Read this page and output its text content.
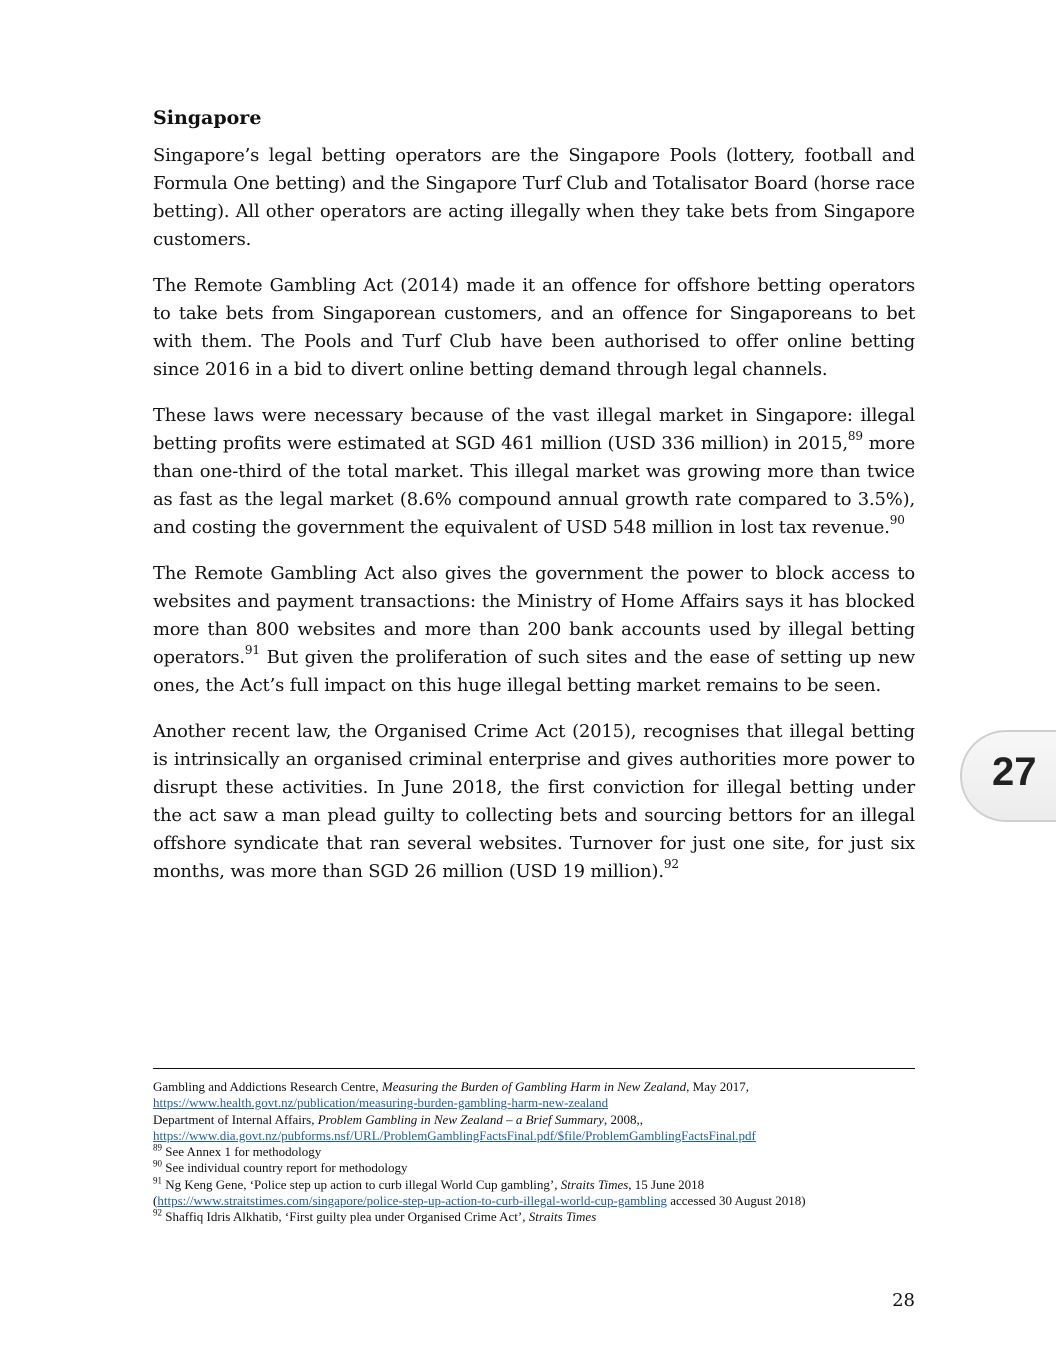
Singapore

Singapore’s legal betting operators are the Singapore Pools (lottery, football and Formula One betting) and the Singapore Turf Club and Totalisator Board (horse race betting). All other operators are acting illegally when they take bets from Singapore customers.

The Remote Gambling Act (2014) made it an offence for offshore betting operators to take bets from Singaporean customers, and an offence for Singaporeans to bet with them. The Pools and Turf Club have been authorised to offer online betting since 2016 in a bid to divert online betting demand through legal channels.

These laws were necessary because of the vast illegal market in Singapore: illegal betting profits were estimated at SGD 461 million (USD 336 million) in 2015,89 more than one-third of the total market. This illegal market was growing more than twice as fast as the legal market (8.6% compound annual growth rate compared to 3.5%), and costing the government the equivalent of USD 548 million in lost tax revenue.$^{90}$

The Remote Gambling Act also gives the government the power to block access to websites and payment transactions: the Ministry of Home Affairs says it has blocked more than 800 websites and more than 200 bank accounts used by illegal betting operators.$^{91}$ But given the proliferation of such sites and the ease of setting up new ones, the Act’s full impact on this huge illegal betting market remains to be seen.

Another recent law, the Organised Crime Act (2015), recognises that illegal betting is intrinsically an organised criminal enterprise and gives authorities more power to disrupt these activities. In June 2018, the first conviction for illegal betting under the act saw a man plead guilty to collecting bets and sourcing bettors for an illegal offshore syndicate that ran several websites. Turnover for just one site, for just six months, was more than SGD 26 million (USD 19 million).$^{92}$

27
Gambling and Addictions Research Centre, Measuring the Burden of Gambling Harm in New Zealand, May 2017,
https://www.health.govt.nz/publication/measuring-burden-gambling-harm-new-zealand
Department of Internal Affairs, Problem Gambling in New Zealand – a Brief Summary, 2008,,
https://www.dia.govt.nz/pubforms.nsf/URL/ProblemGamblingFactsFinal.pdf/$file/ProblemGamblingFactsFinal.pdf
$^{89}$ See Annex 1 for methodology
$^{90}$ See individual country report for methodology
$^{91}$ Ng Keng Gene, ‘Police step up action to curb illegal World Cup gambling’, Straits Times, 15 June 2018
(https://www.straitstimes.com/singapore/police-step-up-action-to-curb-illegal-world-cup-gambling accessed 30 August 2018)
$^{92}$ Shaffiq Idris Alkhatib, ‘First guilty plea under Organised Crime Act’, Straits Times
28
